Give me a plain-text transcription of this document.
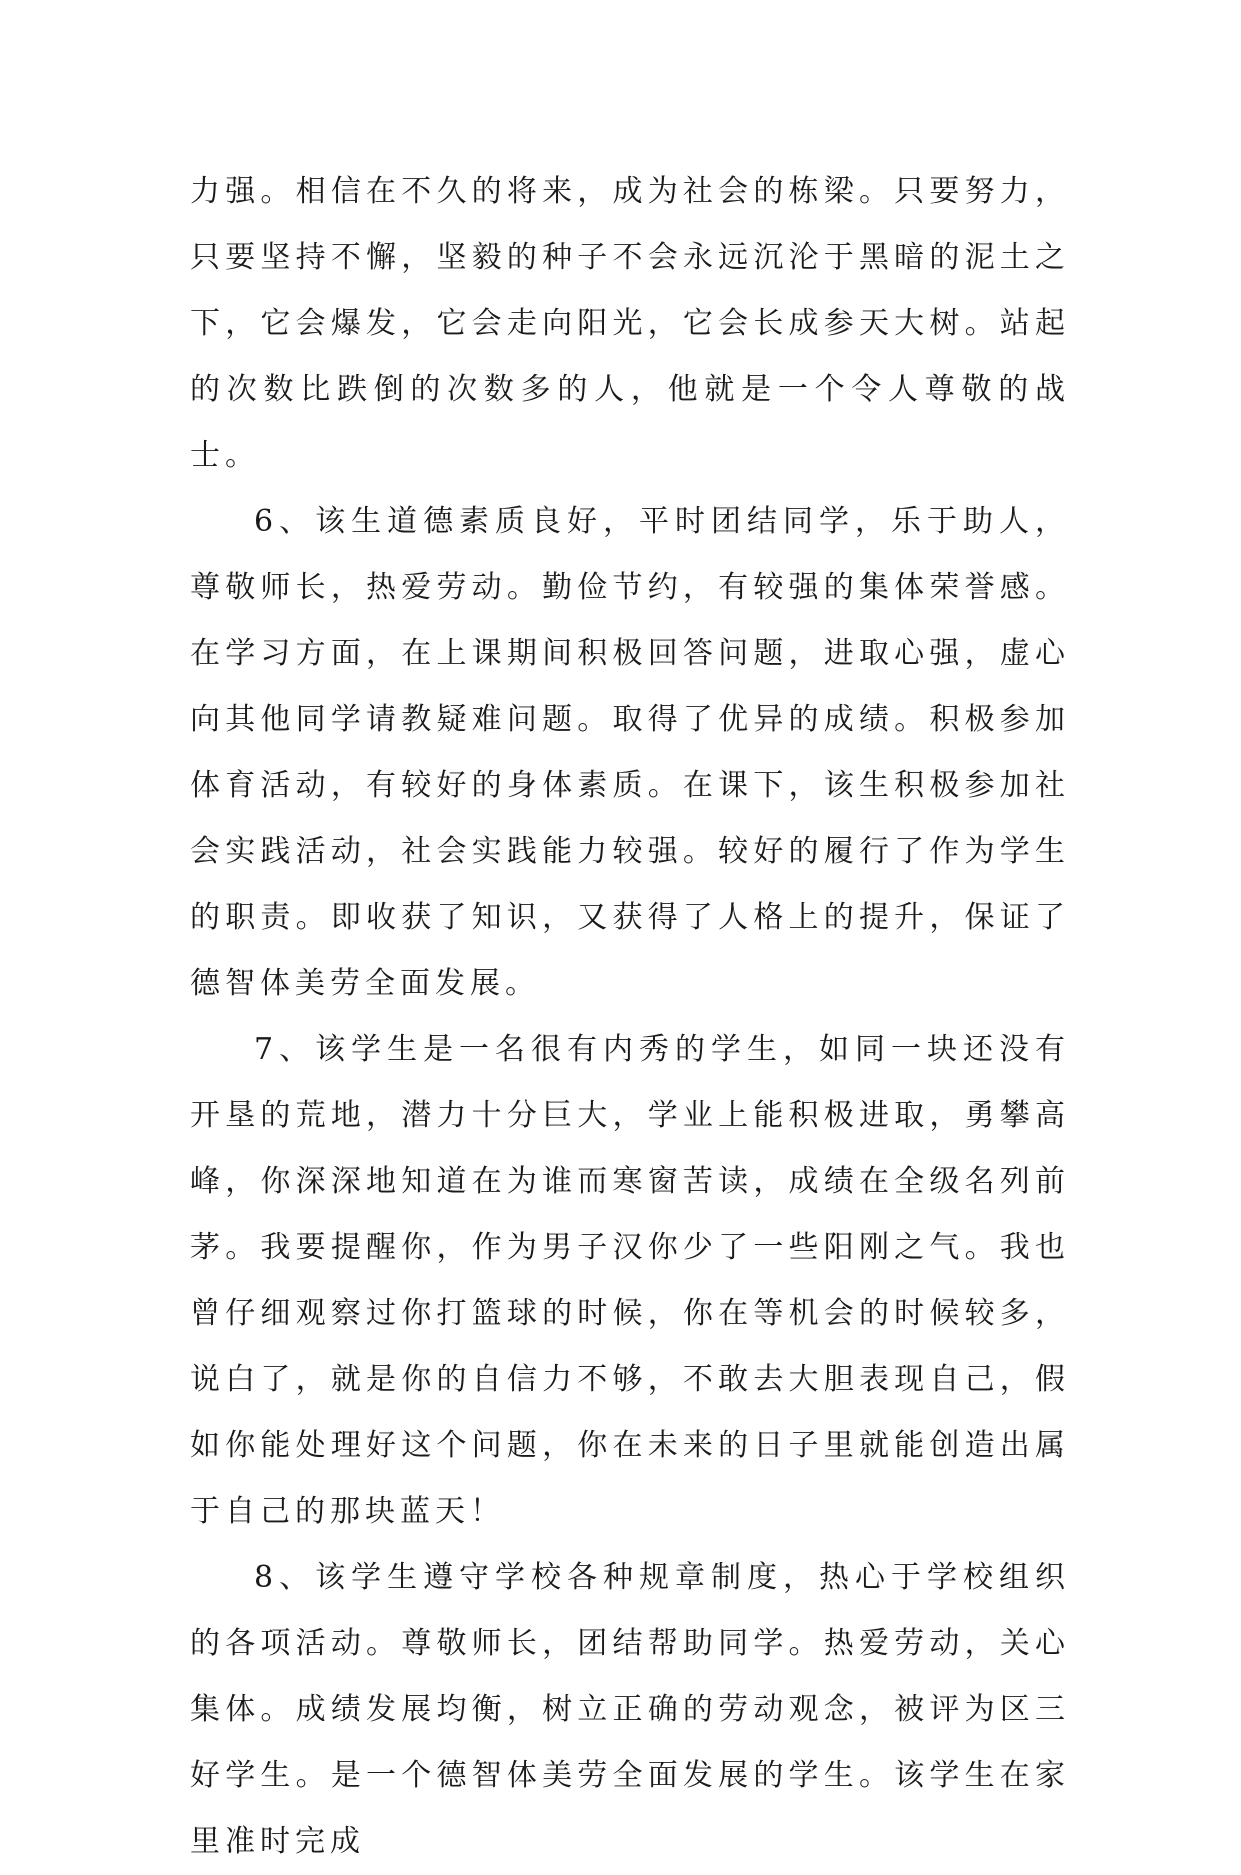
力强。相信在不久的将来，成为社会的栋梁。只要努力，只要坚持不懈，坚毅的种子不会永远沉沦于黑暗的泥土之下，它会爆发，它会走向阳光，它会长成参天大树。站起的次数比跌倒的次数多的人，他就是一个令人尊敬的战士。

6、该生道德素质良好，平时团结同学，乐于助人，尊敬师长，热爱劳动。勤俭节约，有较强的集体荣誉感。在学习方面，在上课期间积极回答问题，进取心强，虚心向其他同学请教疑难问题。取得了优异的成绩。积极参加体育活动，有较好的身体素质。在课下，该生积极参加社会实践活动，社会实践能力较强。较好的履行了作为学生的职责。即收获了知识，又获得了人格上的提升，保证了德智体美劳全面发展。

7、该学生是一名很有内秀的学生，如同一块还没有开垦的荒地，潜力十分巨大，学业上能积极进取，勇攀高峰，你深深地知道在为谁而寒窗苦读，成绩在全级名列前茅。我要提醒你，作为男子汉你少了一些阳刚之气。我也曾仔细观察过你打篮球的时候，你在等机会的时候较多，说白了，就是你的自信力不够，不敢去大胆表现自己，假如你能处理好这个问题，你在未来的日子里就能创造出属于自己的那块蓝天！

8、该学生遵守学校各种规章制度，热心于学校组织的各项活动。尊敬师长，团结帮助同学。热爱劳动，关心集体。成绩发展均衡，树立正确的劳动观念，被评为区三好学生。是一个德智体美劳全面发展的学生。该学生在家里准时完成
